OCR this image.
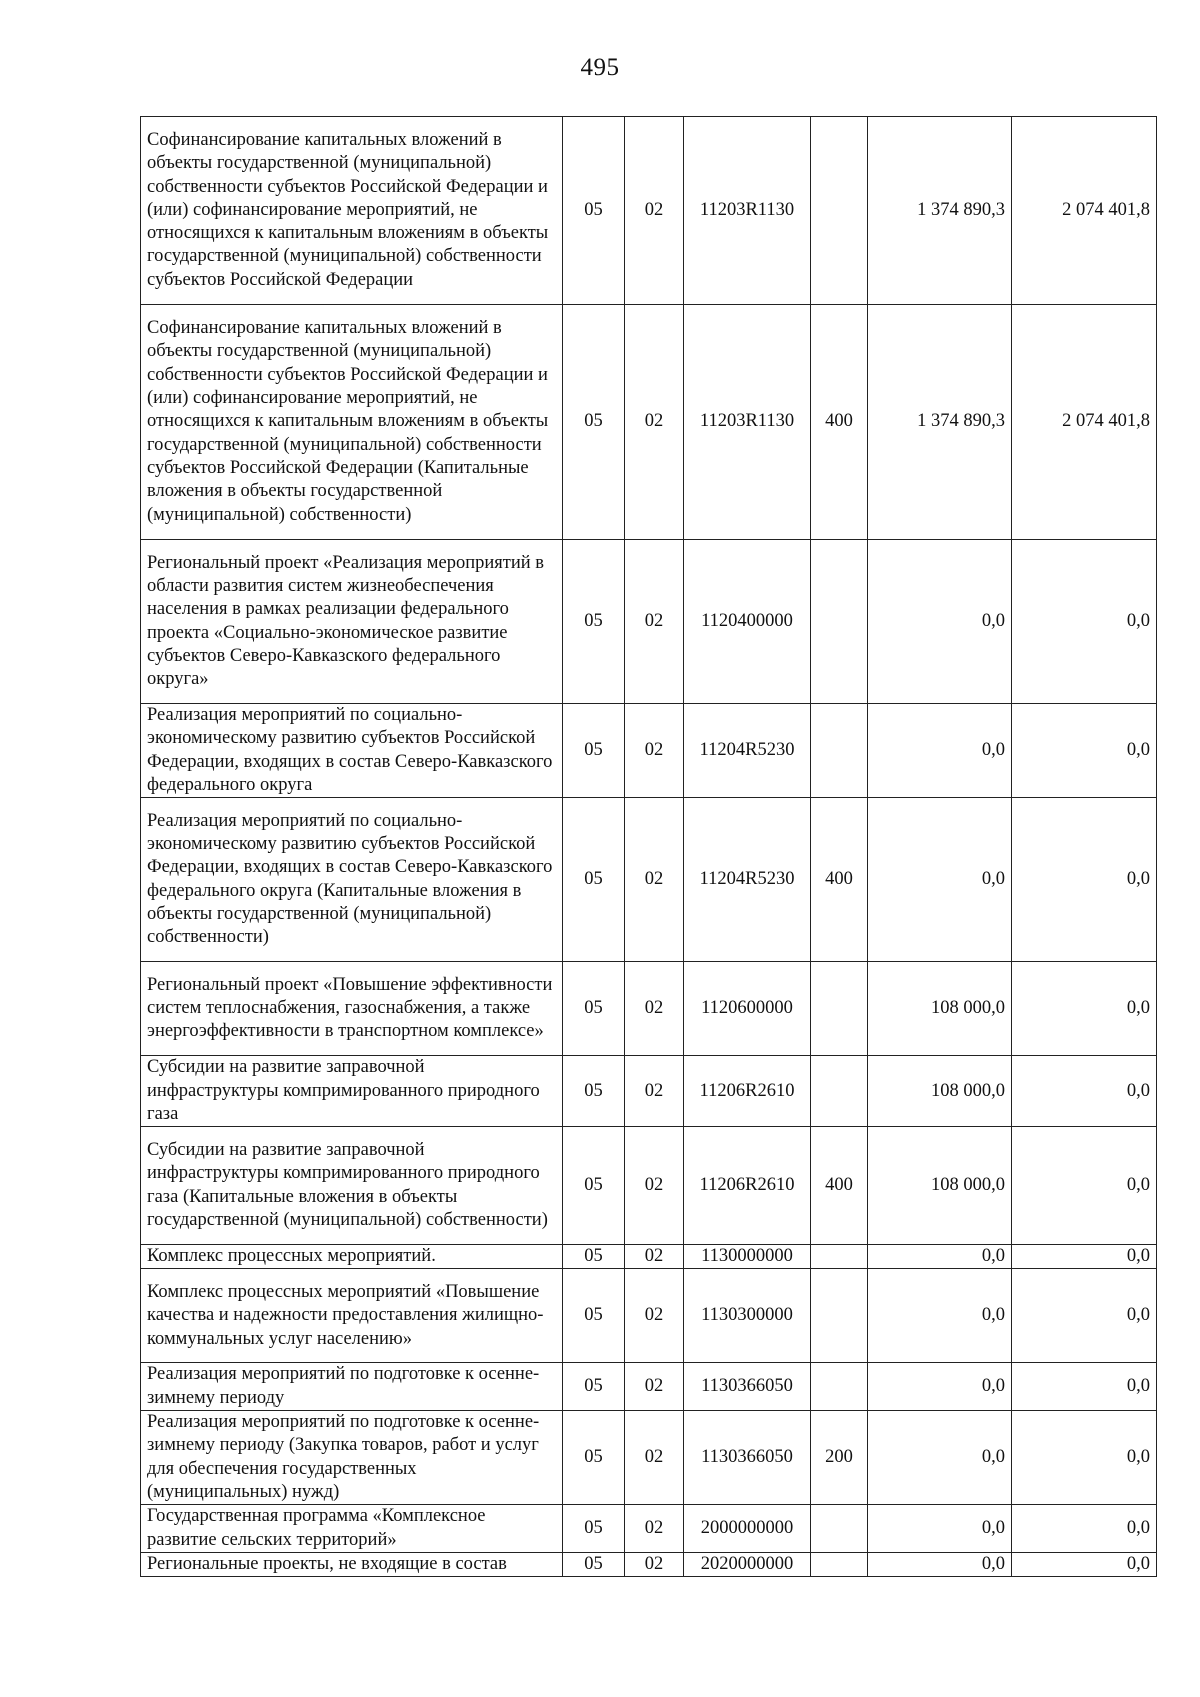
495
Софинансирование капитальных вложений в объекты государственной (муниципальной) собственности субъектов Российской Федерации и (или) софинансирование мероприятий, не относящихся к капитальным вложениям в объекты государственной (муниципальной) собственности субъектов Российской Федерации	05	02	11203R1130		1 374 890,3	2 074 401,8
Софинансирование капитальных вложений в объекты государственной (муниципальной) собственности субъектов Российской Федерации и (или) софинансирование мероприятий, не относящихся к капитальным вложениям в объекты государственной (муниципальной) собственности субъектов Российской Федерации (Капитальные вложения в объекты государственной (муниципальной) собственности)	05	02	11203R1130	400	1 374 890,3	2 074 401,8
Региональный проект «Реализация мероприятий в области развития систем жизнеобеспечения населения в рамках реализации федерального проекта «Социально-экономическое развитие субъектов Северо-Кавказского федерального округа»	05	02	1120400000		0,0	0,0
Реализация мероприятий по социально-экономическому развитию субъектов Российской Федерации, входящих в состав Северо-Кавказского федерального округа	05	02	11204R5230		0,0	0,0
Реализация мероприятий по социально-экономическому развитию субъектов Российской Федерации, входящих в состав Северо-Кавказского федерального округа (Капитальные вложения в объекты государственной (муниципальной) собственности)	05	02	11204R5230	400	0,0	0,0
Региональный проект «Повышение эффективности систем теплоснабжения, газоснабжения, а также энергоэффективности в транспортном комплексе»	05	02	1120600000		108 000,0	0,0
Субсидии на развитие заправочной инфраструктуры компримированного природного газа	05	02	11206R2610		108 000,0	0,0
Субсидии на развитие заправочной инфраструктуры компримированного природного газа (Капитальные вложения в объекты государственной (муниципальной) собственности)	05	02	11206R2610	400	108 000,0	0,0
Комплекс процессных мероприятий.	05	02	1130000000		0,0	0,0
Комплекс процессных мероприятий «Повышение качества и надежности предоставления жилищно-коммунальных услуг населению»	05	02	1130300000		0,0	0,0
Реализация мероприятий по подготовке к осенне-зимнему периоду	05	02	1130366050		0,0	0,0
Реализация мероприятий по подготовке к осенне-зимнему периоду (Закупка товаров, работ и услуг для обеспечения государственных (муниципальных) нужд)	05	02	1130366050	200	0,0	0,0
Государственная программа «Комплексное развитие сельских территорий»	05	02	2000000000		0,0	0,0
Региональные проекты, не входящие в состав	05	02	2020000000		0,0	0,0
